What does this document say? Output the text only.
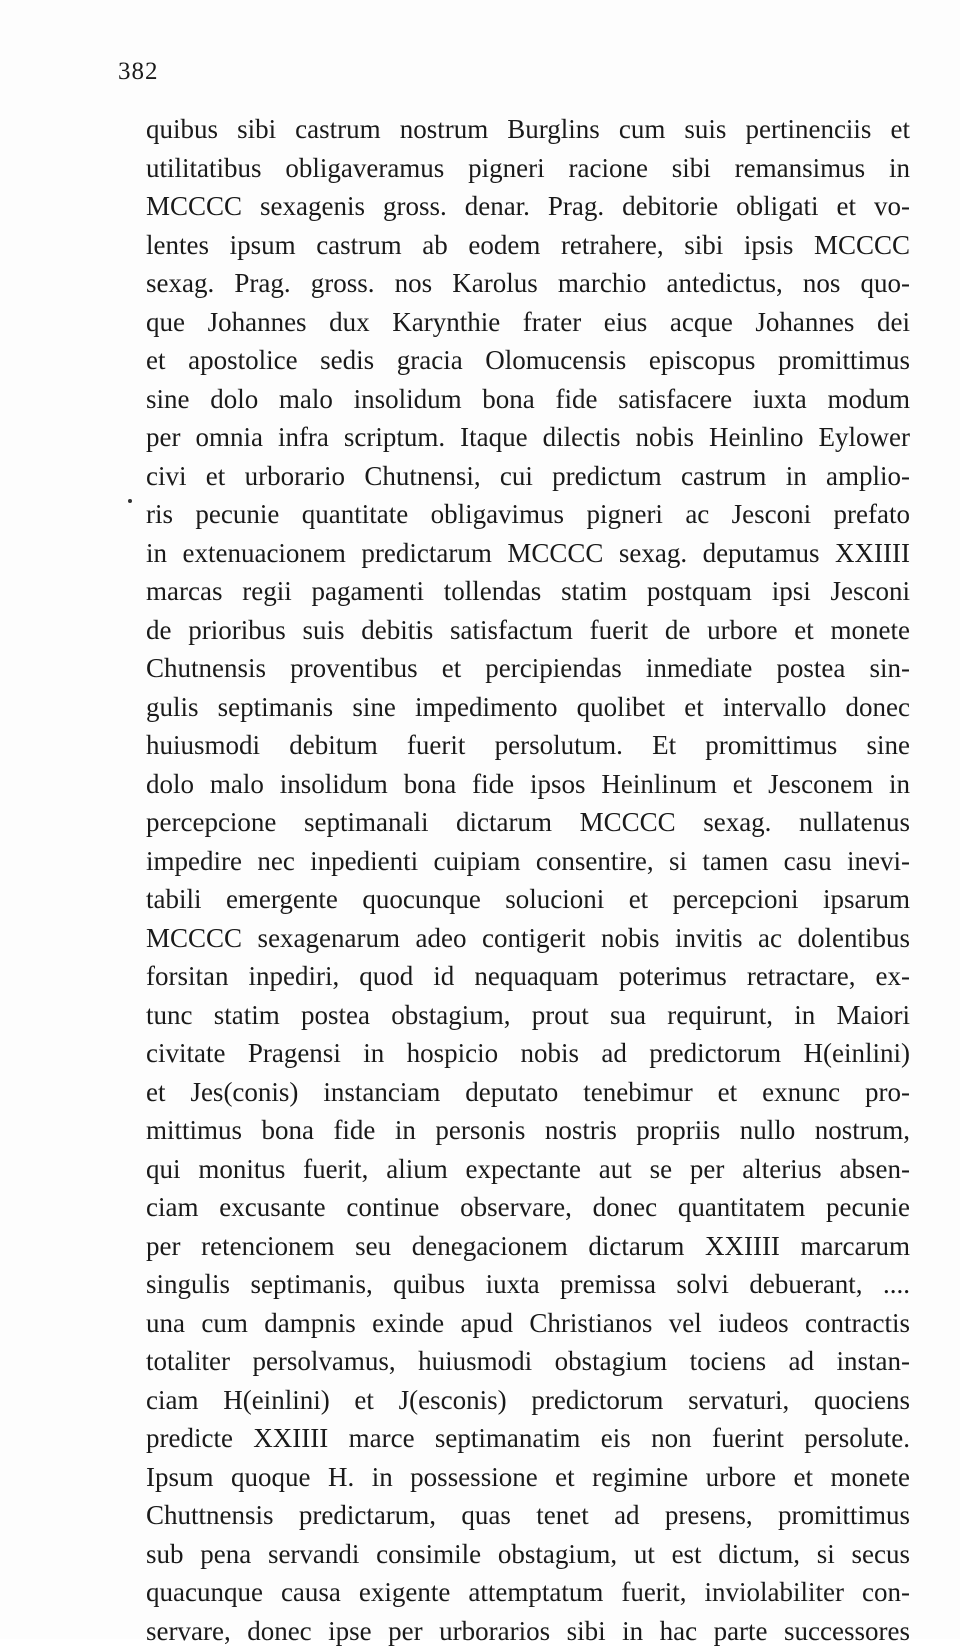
382
quibus sibi castrum nostrum Burglins cum suis pertinenciis et
utilitatibus obligaveramus pigneri racione sibi remansimus in
MCCCC sexagenis gross. denar. Prag. debitorie obligati et vo-
lentes ipsum castrum ab eodem retrahere, sibi ipsis MCCCC
sexag. Prag. gross. nos Karolus marchio antedictus, nos quo-
que Johannes dux Karynthie frater eius acque Johannes dei
et apostolice sedis gracia Olomucensis episcopus promittimus
sine dolo malo insolidum bona fide satisfacere iuxta modum
per omnia infra scriptum. Itaque dilectis nobis Heinlino Eylower
civi et urborario Chutnensi, cui predictum castrum in amplio-
ris pecunie quantitate obligavimus pigneri ac Jesconi prefato
in extenuacionem predictarum MCCCC sexag. deputamus XXIIII
marcas regii pagamenti tollendas statim postquam ipsi Jesconi
de prioribus suis debitis satisfactum fuerit de urbore et monete
Chutnensis proventibus et percipiendas inmediate postea sin-
gulis septimanis sine impedimento quolibet et intervallo donec
huiusmodi debitum fuerit persolutum. Et promittimus sine
dolo malo insolidum bona fide ipsos Heinlinum et Jesconem in
percepcione septimanali dictarum MCCCC sexag. nullatenus
impedire nec inpedienti cuipiam consentire, si tamen casu inevi-
tabili emergente quocunque solucioni et percepcioni ipsarum
MCCCC sexagenarum adeo contigerit nobis invitis ac dolentibus
forsitan inpediri, quod id nequaquam poterimus retractare, ex-
tunc statim postea obstagium, prout sua requirunt, in Maiori
civitate Pragensi in hospicio nobis ad predictorum H(einlini)
et Jes(conis) instanciam deputato tenebimur et exnunc pro-
mittimus bona fide in personis nostris propriis nullo nostrum,
qui monitus fuerit, alium expectante aut se per alterius absen-
ciam excusante continue observare, donec quantitatem pecunie
per retencionem seu denegacionem dictarum XXIIII marcarum
singulis septimanis, quibus iuxta premissa solvi debuerant, ....
una cum dampnis exinde apud Christianos vel iudeos contractis
totaliter persolvamus, huiusmodi obstagium tociens ad instan-
ciam H(einlini) et J(esconis) predictorum servaturi, quociens
predicte XXIIII marce septimanatim eis non fuerint persolute.
Ipsum quoque H. in possessione et regimine urbore et monete
Chuttnensis predictarum, quas tenet ad presens, promittimus
sub pena servandi consimile obstagium, ut est dictum, si secus
quacunque causa exigente attemptatum fuerit, inviolabiliter con-
servare, donec ipse per urborarios sibi in hac parte successores
